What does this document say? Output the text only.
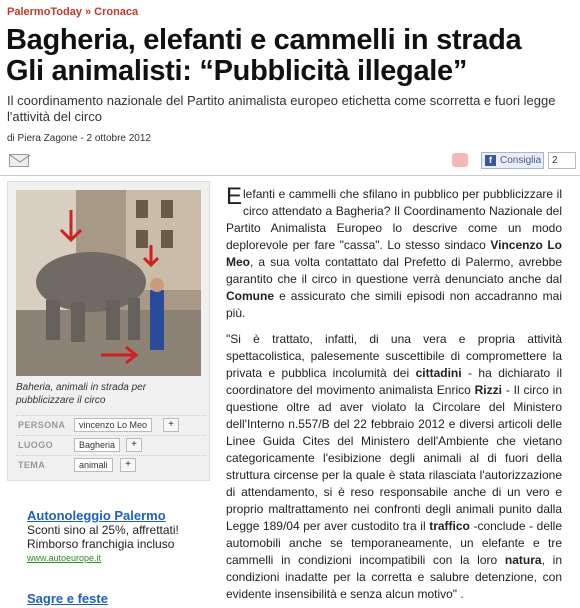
PalermoToday » Cronaca
Bagheria, elefanti e cammelli in strada
Gli animalisti: “Pubblicità illegale”
Il coordinamento nazionale del Partito animalista europeo etichetta come scorretta e fuori legge l'attività del circo
di Piera Zagone - 2 ottobre 2012
f Consiglia	2
Baheria, animali in strada per pubblicizzare il circo
PERSONA	vincenzo Lo Meo	+
LUOGO	Bagheria	+
TEMA	animali	+
Autonoleggio Palermo
Sconti sino al 25%, affrettati!
Rimborso franchigia incluso
www.autoeurope.it
Sagre e feste

Elefanti e cammelli che sfilano in pubblico per pubblicizzare il circo attendato a Bagheria? Il Coordinamento Nazionale del Partito Animalista Europeo lo descrive come un modo deplorevole per fare "cassa". Lo stesso sindaco Vincenzo Lo Meo, a sua volta contattato dal Prefetto di Palermo, avrebbe garantito che il circo in questione verrà denunciato anche dal Comune e assicurato che simili episodi non accadranno mai più.

"Si è trattato, infatti, di una vera e propria attività spettacolistica, palesemente suscettibile di compromettere la privata e pubblica incolumità dei cittadini - ha dichiarato il coordinatore del movimento animalista Enrico Rizzi - Il circo in questione oltre ad aver violato la Circolare del Ministero dell'Interno n.557/B del 22 febbraio 2012 e diversi articoli delle Linee Guida Cites del Ministero dell'Ambiente che vietano categoricamente l'esibizione degli animali al di fuori della struttura circense per la quale è stata rilasciata l'autorizzazione di attendamento, si è reso responsabile anche di un vero e proprio maltrattamento nei confronti degli animali punito dalla Legge 189/04 per aver custodito tra il traffico -conclude - delle automobili anche se temporaneamente, un elefante e tre cammelli in condizioni incompatibili con la loro natura, in condizioni inadatte per la corretta e salubre detenzione, con evidente insensibilità e senza alcun motivo" .
